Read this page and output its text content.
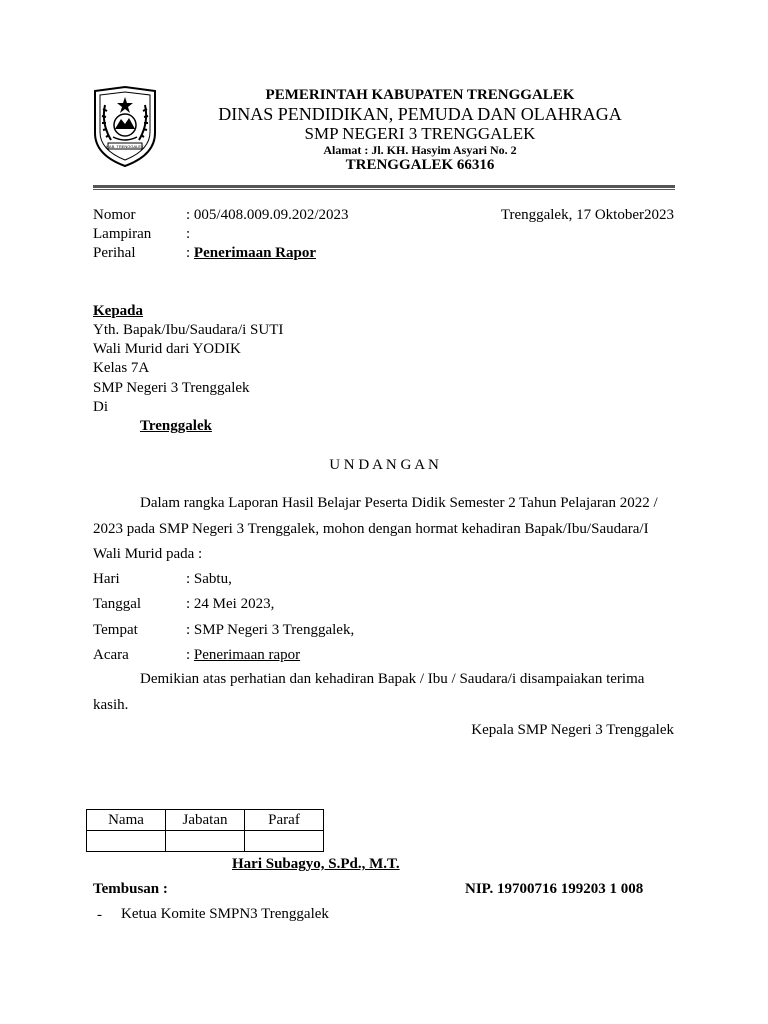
KAB. TRENGGALEK
PEMERINTAH KABUPATEN TRENGGALEK
DINAS PENDIDIKAN, PEMUDA DAN OLAHRAGA
SMP NEGERI 3 TRENGGALEK
Alamat : Jl. KH. Hasyim Asyari No. 2
TRENGGALEK 66316
Nomor	: 005/408.009.09.202/2023	Trenggalek, 17 Oktober2023
Lampiran :
Perihal	: Penerimaan Rapor
Kepada
Yth. Bapak/Ibu/Saudara/i SUTI
Wali Murid dari YODIK
Kelas 7A
SMP Negeri 3 Trenggalek
Di
Trenggalek
U N D A N G A N
Dalam rangka Laporan Hasil Belajar Peserta Didik Semester 2 Tahun Pelajaran 2022 /
2023 pada SMP Negeri 3 Trenggalek, mohon dengan hormat kehadiran Bapak/Ibu/Saudara/I
Wali Murid pada :
Hari	: Sabtu,
Tanggal	: 24 Mei 2023,
Tempat	: SMP Negeri 3 Trenggalek,
Acara	: Penerimaan rapor
Demikian atas perhatian dan kehadiran Bapak / Ibu / Saudara/i disampaiakan terima
kasih.
Kepala SMP Negeri 3 Trenggalek
Nama	Jabatan	Paraf

Hari Subagyo, S.Pd., M.T.
Tembusan :	NIP. 19700716 199203 1 008
- Ketua Komite SMPN3 Trenggalek
